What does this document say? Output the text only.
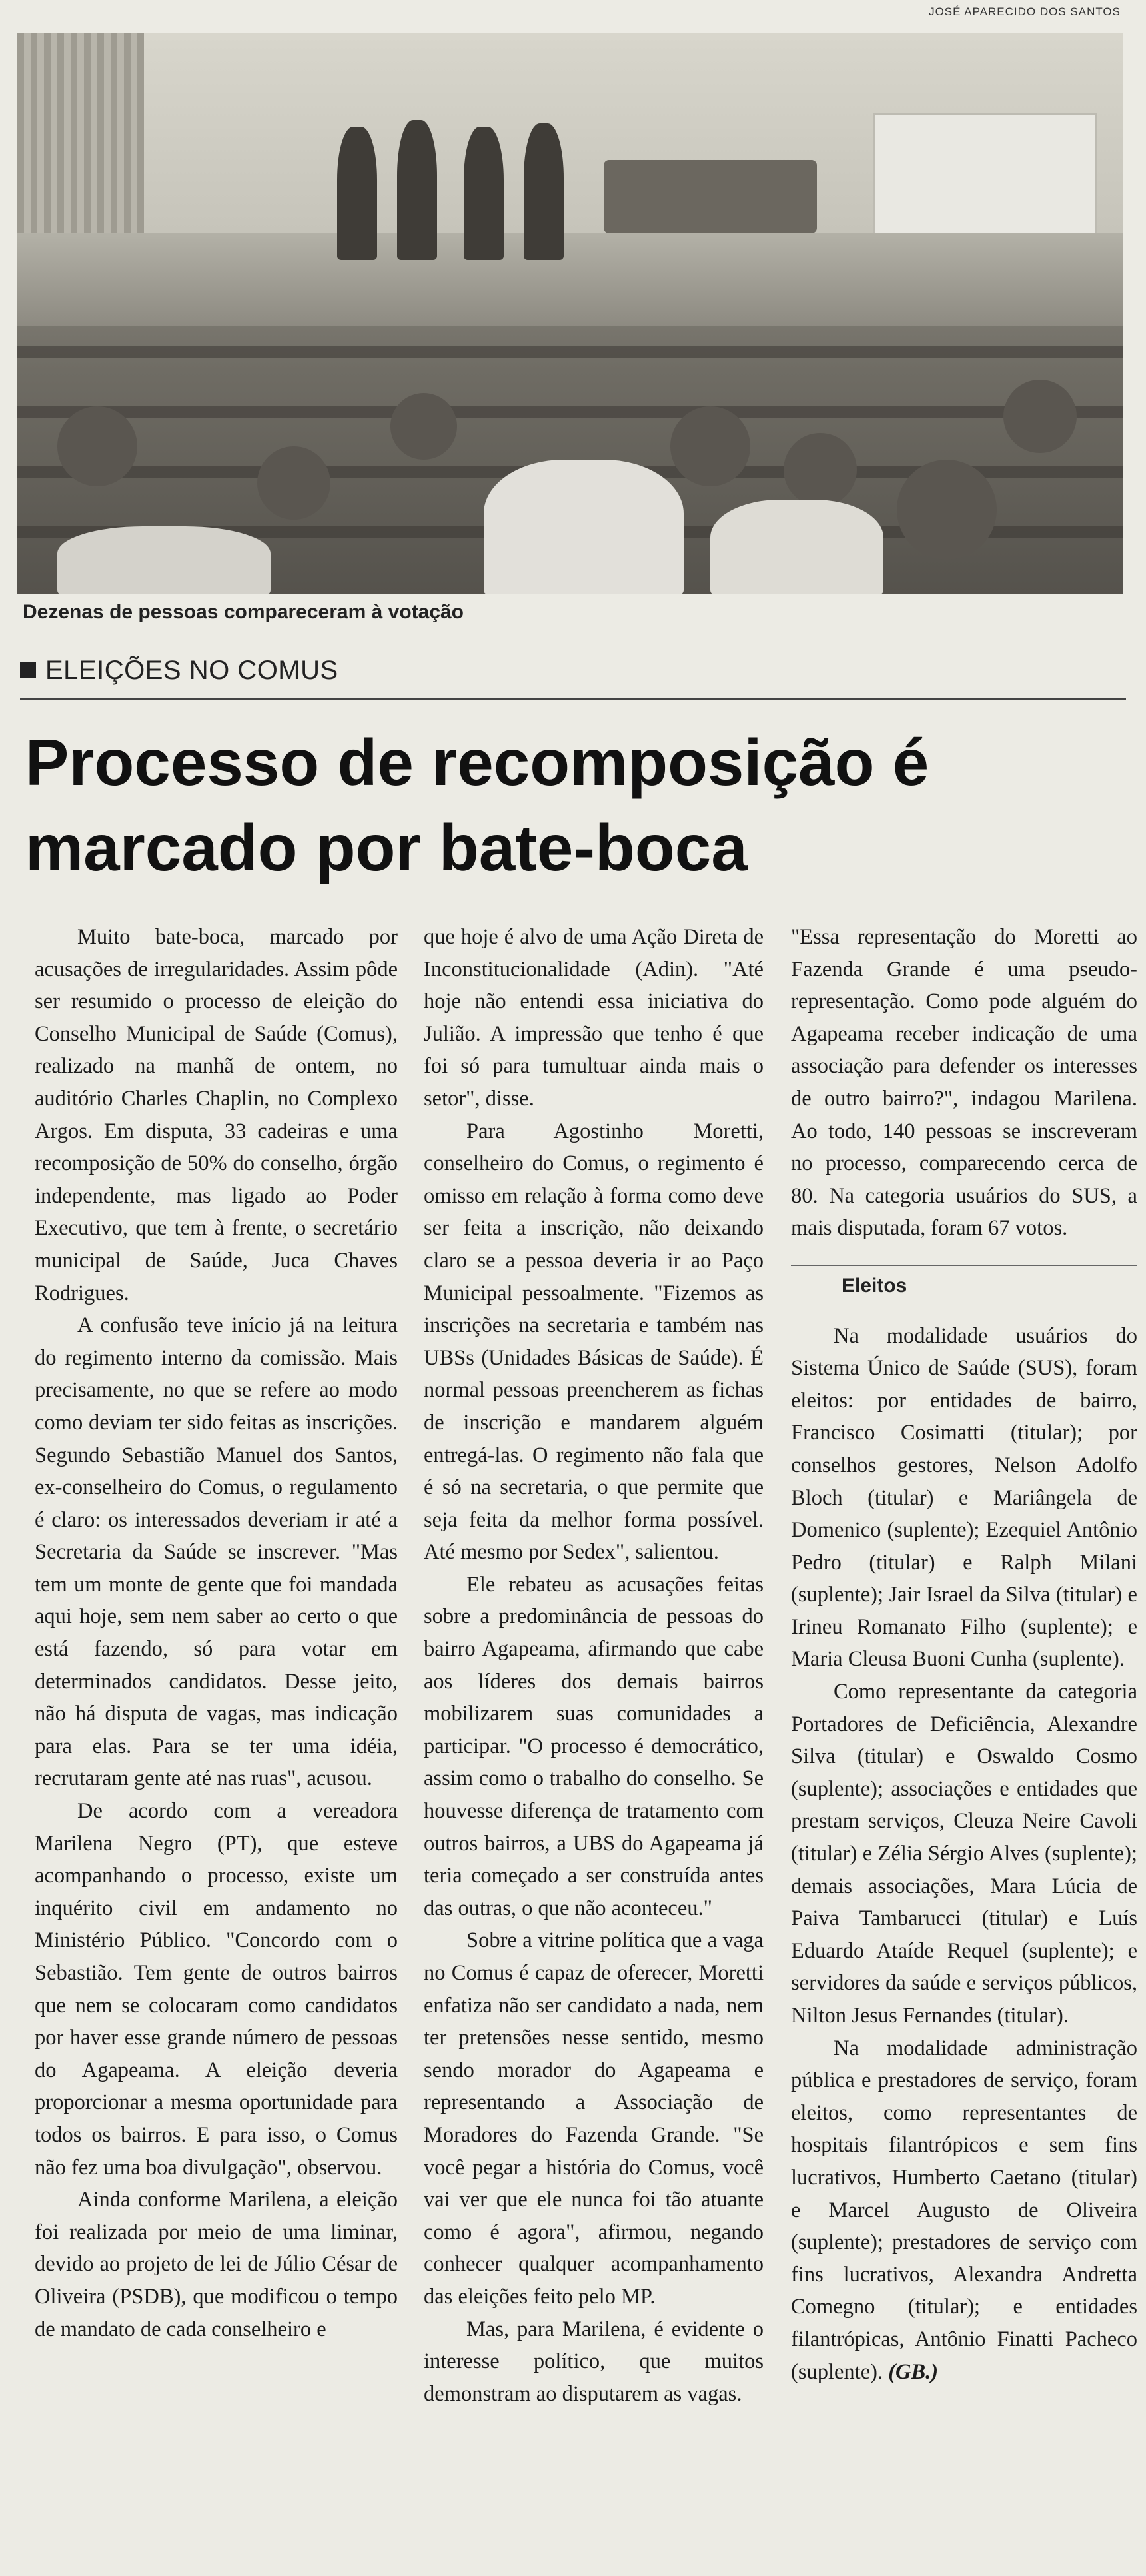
JOSÉ APARECIDO DOS SANTOS
Dezenas de pessoas compareceram à votação
ELEIÇÕES NO COMUS
Processo de recomposição é marcado por bate-boca

Muito bate-boca, marcado por acusações de irregularidades. Assim pôde ser resumido o processo de eleição do Conselho Municipal de Saúde (Comus), realizado na manhã de ontem, no auditório Charles Chaplin, no Complexo Argos. Em disputa, 33 cadeiras e uma recomposição de 50% do conselho, órgão independente, mas ligado ao Poder Executivo, que tem à frente, o secretário municipal de Saúde, Juca Chaves Rodrigues.

A confusão teve início já na leitura do regimento interno da comissão. Mais precisamente, no que se refere ao modo como deviam ter sido feitas as inscrições. Segundo Sebastião Manuel dos Santos, ex-conselheiro do Comus, o regulamento é claro: os interessados deveriam ir até a Secretaria da Saúde se inscrever. "Mas tem um monte de gente que foi mandada aqui hoje, sem nem saber ao certo o que está fazendo, só para votar em determinados candidatos. Desse jeito, não há disputa de vagas, mas indicação para elas. Para se ter uma idéia, recrutaram gente até nas ruas", acusou.

De acordo com a vereadora Marilena Negro (PT), que esteve acompanhando o processo, existe um inquérito civil em andamento no Ministério Público. "Concordo com o Sebastião. Tem gente de outros bairros que nem se colocaram como candidatos por haver esse grande número de pessoas do Agapeama. A eleição deveria proporcionar a mesma oportunidade para todos os bairros. E para isso, o Comus não fez uma boa divulgação", observou.

Ainda conforme Marilena, a eleição foi realizada por meio de uma liminar, devido ao projeto de lei de Júlio César de Oliveira (PSDB), que modificou o tempo de mandato de cada conselheiro e

que hoje é alvo de uma Ação Direta de Inconstitucionalidade (Adin). "Até hoje não entendi essa iniciativa do Julião. A impressão que tenho é que foi só para tumultuar ainda mais o setor", disse.

Para Agostinho Moretti, conselheiro do Comus, o regimento é omisso em relação à forma como deve ser feita a inscrição, não deixando claro se a pessoa deveria ir ao Paço Municipal pessoalmente. "Fizemos as inscrições na secretaria e também nas UBSs (Unidades Básicas de Saúde). É normal pessoas preencherem as fichas de inscrição e mandarem alguém entregá-las. O regimento não fala que é só na secretaria, o que permite que seja feita da melhor forma possível. Até mesmo por Sedex", salientou.

Ele rebateu as acusações feitas sobre a predominância de pessoas do bairro Agapeama, afirmando que cabe aos líderes dos demais bairros mobilizarem suas comunidades a participar. "O processo é democrático, assim como o trabalho do conselho. Se houvesse diferença de tratamento com outros bairros, a UBS do Agapeama já teria começado a ser construída antes das outras, o que não aconteceu."

Sobre a vitrine política que a vaga no Comus é capaz de oferecer, Moretti enfatiza não ser candidato a nada, nem ter pretensões nesse sentido, mesmo sendo morador do Agapeama e representando a Associação de Moradores do Fazenda Grande. "Se você pegar a história do Comus, você vai ver que ele nunca foi tão atuante como é agora", afirmou, negando conhecer qualquer acompanhamento das eleições feito pelo MP.

Mas, para Marilena, é evidente o interesse político, que muitos demonstram ao disputarem as vagas.

"Essa representação do Moretti ao Fazenda Grande é uma pseudo-representação. Como pode alguém do Agapeama receber indicação de uma associação para defender os interesses de outro bairro?", indagou Marilena. Ao todo, 140 pessoas se inscreveram no processo, comparecendo cerca de 80. Na categoria usuários do SUS, a mais disputada, foram 67 votos.

Eleitos

Na modalidade usuários do Sistema Único de Saúde (SUS), foram eleitos: por entidades de bairro, Francisco Cosimatti (titular); por conselhos gestores, Nelson Adolfo Bloch (titular) e Mariângela de Domenico (suplente); Ezequiel Antônio Pedro (titular) e Ralph Milani (suplente); Jair Israel da Silva (titular) e Irineu Romanato Filho (suplente); e Maria Cleusa Buoni Cunha (suplente).

Como representante da categoria Portadores de Deficiência, Alexandre Silva (titular) e Oswaldo Cosmo (suplente); associações e entidades que prestam serviços, Cleuza Neire Cavoli (titular) e Zélia Sérgio Alves (suplente); demais associações, Mara Lúcia de Paiva Tambarucci (titular) e Luís Eduardo Ataíde Requel (suplente); e servidores da saúde e serviços públicos, Nilton Jesus Fernandes (titular).

Na modalidade administração pública e prestadores de serviço, foram eleitos, como representantes de hospitais filantrópicos e sem fins lucrativos, Humberto Caetano (titular) e Marcel Augusto de Oliveira (suplente); prestadores de serviço com fins lucrativos, Alexandra Andretta Comegno (titular); e entidades filantrópicas, Antônio Finatti Pacheco (suplente). (GB.)
